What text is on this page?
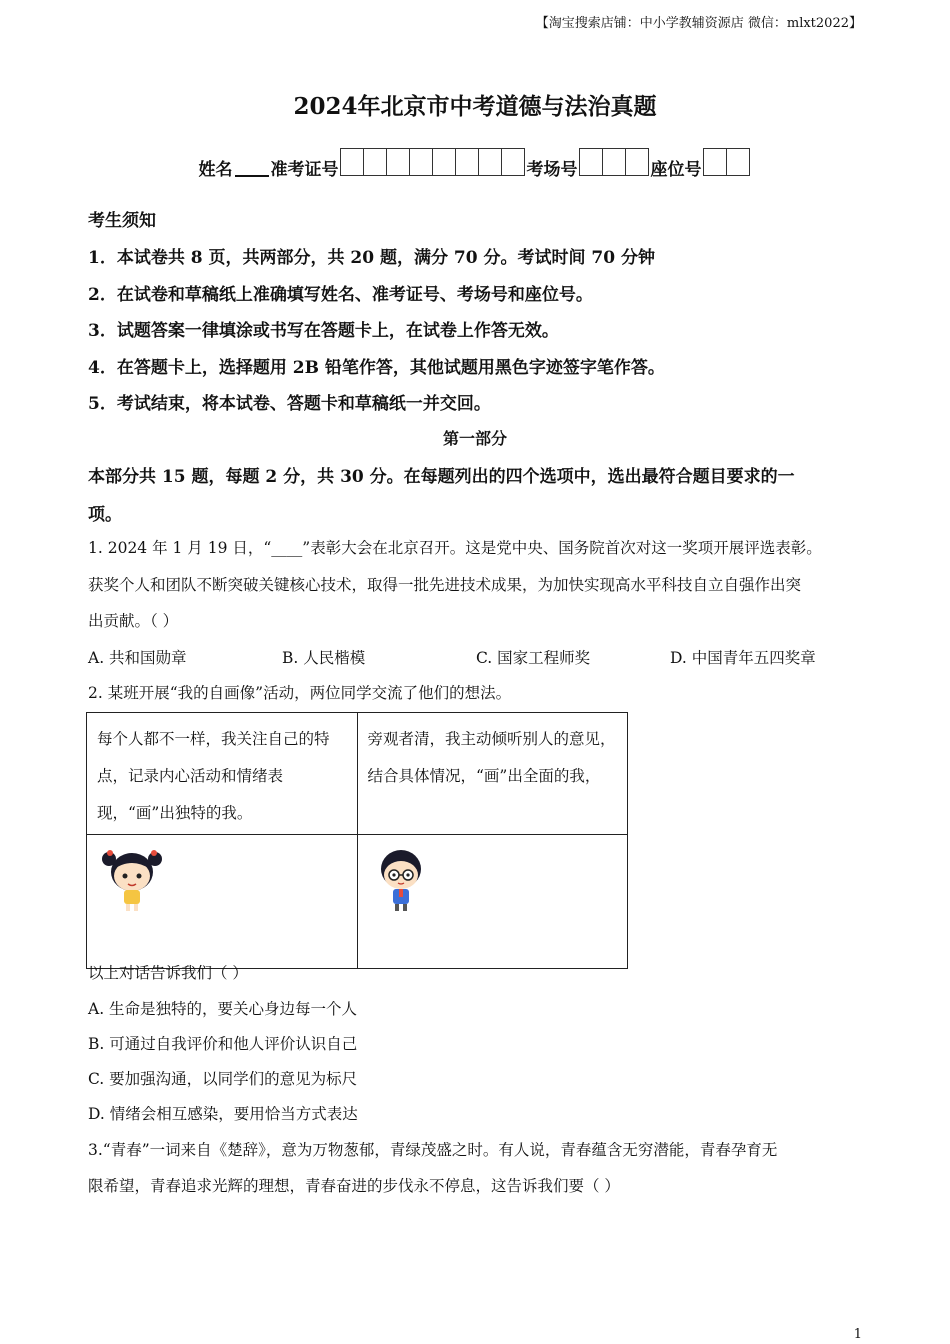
【淘宝搜索店铺：中小学教辅资源店 微信：mlxt2022】
2024年北京市中考道德与法治真题
姓名 准考证号	考场号	座位号
考生须知
1．本试卷共 8 页，共两部分，共 20 题，满分 70 分。考试时间 70 分钟
2．在试卷和草稿纸上准确填写姓名、准考证号、考场号和座位号。
3．试题答案一律填涂或书写在答题卡上，在试卷上作答无效。
4．在答题卡上，选择题用 2B 铅笔作答，其他试题用黑色字迹签字笔作答。
5．考试结束，将本试卷、答题卡和草稿纸一并交回。
第一部分
本部分共 15 题，每题 2 分，共 30 分。在每题列出的四个选项中，选出最符合题目要求的一
项。
1. 2024 年 1 月 19 日，“____”表彰大会在北京召开。这是党中央、国务院首次对这一奖项开展评选表彰。
获奖个人和团队不断突破关键核心技术，取得一批先进技术成果，为加快实现高水平科技自立自强作出突
出贡献。（ ）
A. 共和国勋章	B. 人民楷模	C. 国家工程师奖	D. 中国青年五四奖章
2. 某班开展“我的自画像”活动，两位同学交流了他们的想法。
每个人都不一样，我关注自己的特点，记录内心活动和情绪表现，“画”出独特的我。	旁观者清，我主动倾听别人的意见，结合具体情况，“画”出全面的我，

以上对话告诉我们（ ）
A. 生命是独特的，要关心身边每一个人
B. 可通过自我评价和他人评价认识自己
C. 要加强沟通，以同学们的意见为标尺
D. 情绪会相互感染，要用恰当方式表达
3.“青春”一词来自《楚辞》，意为万物葱郁，青绿茂盛之时。有人说，青春蕴含无穷潜能，青春孕育无
限希望，青春追求光辉的理想，青春奋进的步伐永不停息，这告诉我们要（ ）
1
